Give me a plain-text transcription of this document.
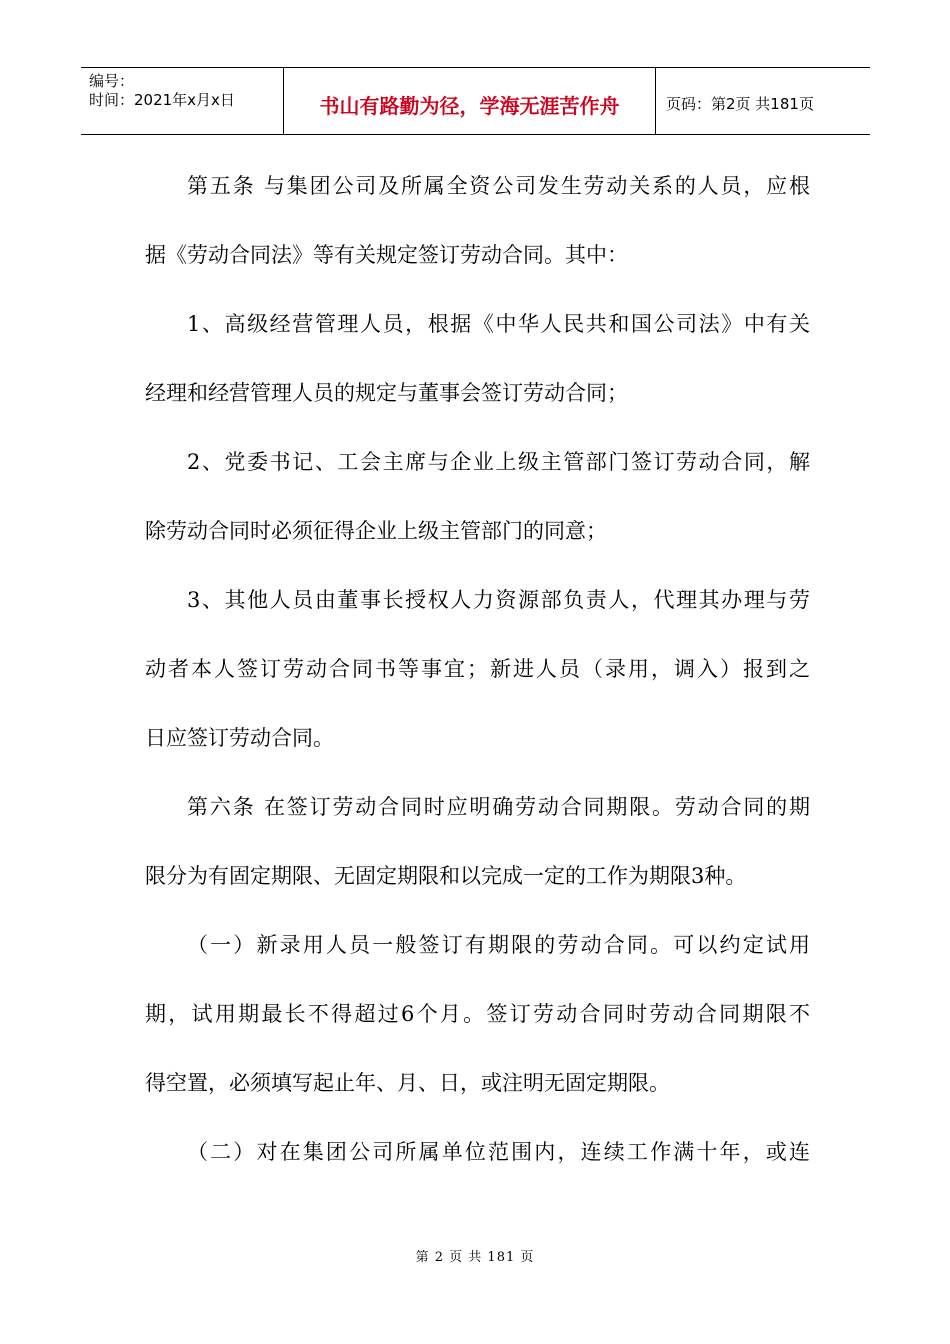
编号：
时间：2021年x月x日	书山有路勤为径，学海无涯苦作舟	页码：第2页 共181页
第五条 与集团公司及所属全资公司发生劳动关系的人员，应根
据《劳动合同法》等有关规定签订劳动合同。其中：
1、高级经营管理人员，根据《中华人民共和国公司法》中有关
经理和经营管理人员的规定与董事会签订劳动合同；
2、党委书记、工会主席与企业上级主管部门签订劳动合同，解
除劳动合同时必须征得企业上级主管部门的同意；
3、其他人员由董事长授权人力资源部负责人，代理其办理与劳
动者本人签订劳动合同书等事宜；新进人员（录用，调入）报到之
日应签订劳动合同。
第六条 在签订劳动合同时应明确劳动合同期限。劳动合同的期
限分为有固定期限、无固定期限和以完成一定的工作为期限3种。
（一）新录用人员一般签订有期限的劳动合同。可以约定试用
期，试用期最长不得超过6个月。签订劳动合同时劳动合同期限不
得空置，必须填写起止年、月、日，或注明无固定期限。
（二）对在集团公司所属单位范围内，连续工作满十年，或连
第 2 页 共 181 页
